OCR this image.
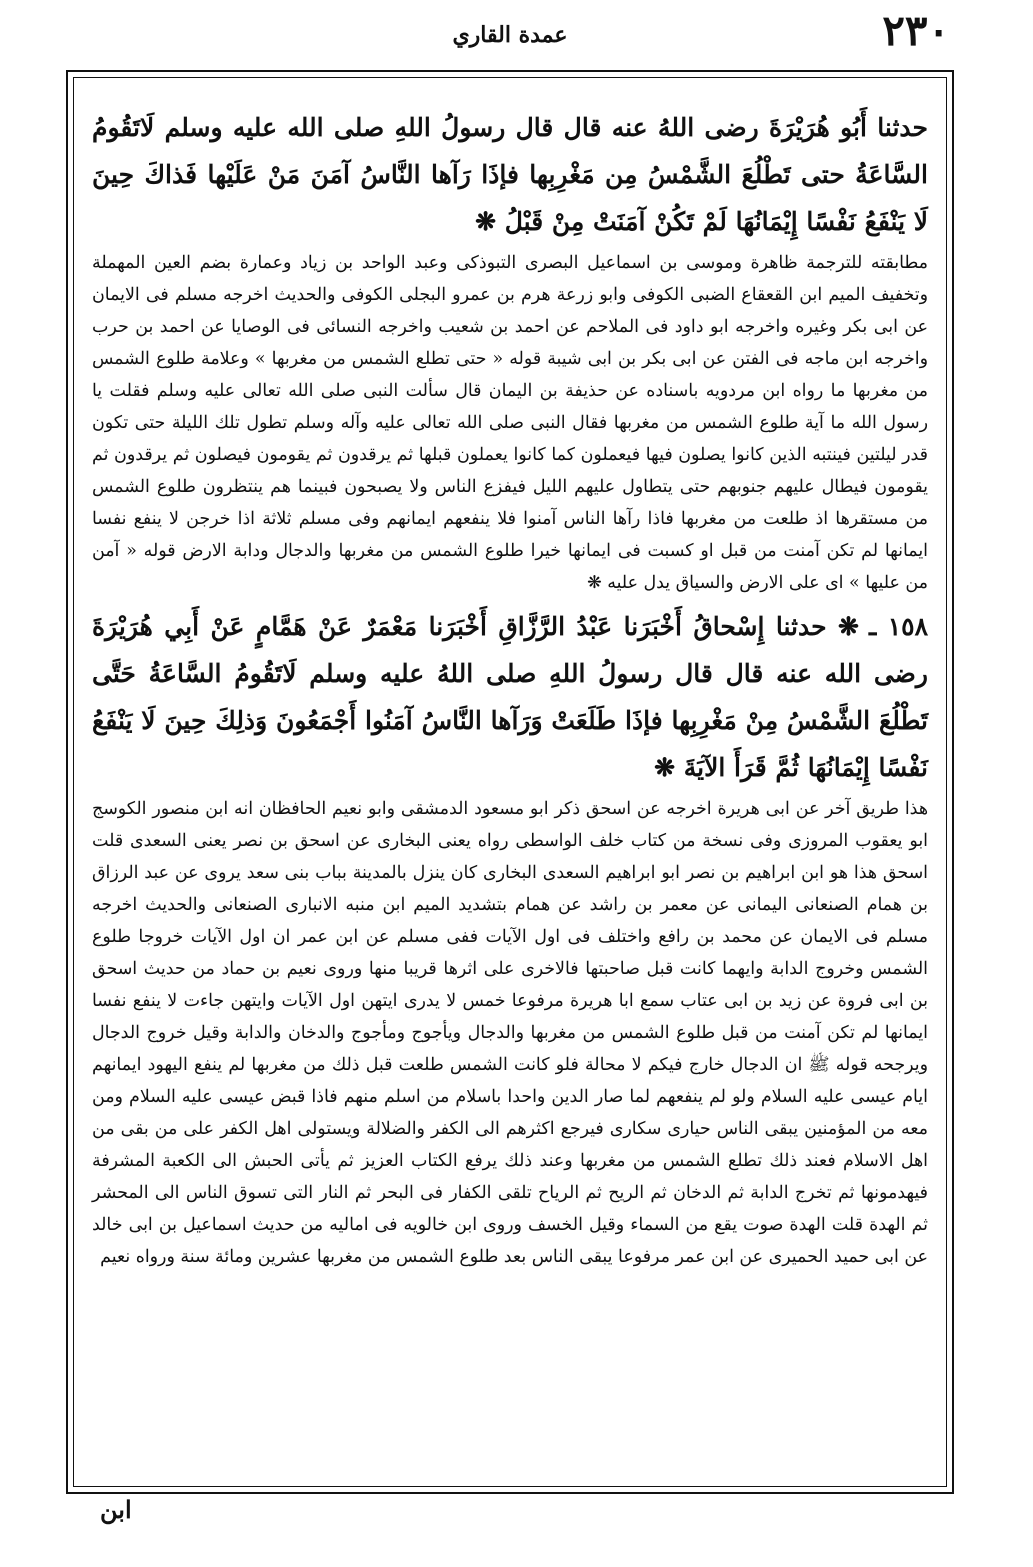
٢٣٠
عمدة القاري

حدثنا أَبُو هُرَيْرَةَ رضى اللهُ عنه قال قال رسولُ اللهِ صلى الله عليه وسلم لَاتَقُومُ السَّاعَةُ حتى تَطْلُعَ الشَّمْسُ مِن مَغْرِبِها فإذَا رَآها النَّاسُ آمَنَ مَنْ عَلَيْها فَذاكَ حِينَ لَا يَنْفَعُ نَفْسًا إِيْمَانُهَا لَمْ تَكُنْ آمَنَتْ مِنْ قَبْلُ ❋

مطابقته للترجمة ظاهرة وموسى بن اسماعيل البصرى التبوذكى وعبد الواحد بن زياد وعمارة بضم العين المهملة وتخفيف الميم ابن القعقاع الضبى الكوفى وابو زرعة هرم بن عمرو البجلى الكوفى والحديث اخرجه مسلم فى الايمان عن ابى بكر وغيره واخرجه ابو داود فى الملاحم عن احمد بن شعيب واخرجه النسائى فى الوصايا عن احمد بن حرب واخرجه ابن ماجه فى الفتن عن ابى بكر بن ابى شيبة قوله « حتى تطلع الشمس من مغربها » وعلامة طلوع الشمس من مغربها ما رواه ابن مردويه باسناده عن حذيفة بن اليمان قال سألت النبى صلى الله تعالى عليه وسلم فقلت يا رسول الله ما آية طلوع الشمس من مغربها فقال النبى صلى الله تعالى عليه وآله وسلم تطول تلك الليلة حتى تكون قدر ليلتين فينتبه الذين كانوا يصلون فيها فيعملون كما كانوا يعملون قبلها ثم يرقدون ثم يقومون فيصلون ثم يرقدون ثم يقومون فيطال عليهم جنوبهم حتى يتطاول عليهم الليل فيفزع الناس ولا يصبحون فبينما هم ينتظرون طلوع الشمس من مستقرها اذ طلعت من مغربها فاذا رآها الناس آمنوا فلا ينفعهم ايمانهم وفى مسلم ثلاثة اذا خرجن لا ينفع نفسا ايمانها لم تكن آمنت من قبل او كسبت فى ايمانها خيرا طلوع الشمس من مغربها والدجال ودابة الارض قوله « آمن من عليها » اى على الارض والسياق يدل عليه ❋

١٥٨ ـ❋ حدثنا إِسْحاقُ أَخْبَرَنا عَبْدُ الرَّزَّاقِ أَخْبَرَنا مَعْمَرٌ عَنْ هَمَّامٍ عَنْ أَبِي هُرَيْرَةَ رضى الله عنه قال قال رسولُ اللهِ صلى اللهُ عليه وسلم لَاتَقُومُ السَّاعَةُ حَتَّى تَطْلُعَ الشَّمْسُ مِنْ مَغْرِبِها فإذَا طَلَعَتْ وَرَآها النَّاسُ آمَنُوا أَجْمَعُونَ وَذلِكَ حِينَ لَا يَنْفَعُ نَفْسًا إِيْمَانُهَا ثُمَّ قَرَأَ الآيَةَ ❋

هذا طريق آخر عن ابى هريرة اخرجه عن اسحق ذكر ابو مسعود الدمشقى وابو نعيم الحافظان انه ابن منصور الكوسج ابو يعقوب المروزى وفى نسخة من كتاب خلف الواسطى رواه يعنى البخارى عن اسحق بن نصر يعنى السعدى قلت اسحق هذا هو ابن ابراهيم بن نصر ابو ابراهيم السعدى البخارى كان ينزل بالمدينة بباب بنى سعد يروى عن عبد الرزاق بن همام الصنعانى اليمانى عن معمر بن راشد عن همام بتشديد الميم ابن منبه الانبارى الصنعانى والحديث اخرجه مسلم فى الايمان عن محمد بن رافع واختلف فى اول الآيات ففى مسلم عن ابن عمر ان اول الآيات خروجا طلوع الشمس وخروج الدابة وايهما كانت قبل صاحبتها فالاخرى على اثرها قريبا منها وروى نعيم بن حماد من حديث اسحق بن ابى فروة عن زيد بن ابى عتاب سمع ابا هريرة مرفوعا خمس لا يدرى ايتهن اول الآيات وايتهن جاءت لا ينفع نفسا ايمانها لم تكن آمنت من قبل طلوع الشمس من مغربها والدجال ويأجوج ومأجوج والدخان والدابة وقيل خروج الدجال ويرجحه قوله ﷺ ان الدجال خارج فيكم لا محالة فلو كانت الشمس طلعت قبل ذلك من مغربها لم ينفع اليهود ايمانهم ايام عيسى عليه السلام ولو لم ينفعهم لما صار الدين واحدا باسلام من اسلم منهم فاذا قبض عيسى عليه السلام ومن معه من المؤمنين يبقى الناس حيارى سكارى فيرجع اكثرهم الى الكفر والضلالة ويستولى اهل الكفر على من بقى من اهل الاسلام فعند ذلك تطلع الشمس من مغربها وعند ذلك يرفع الكتاب العزيز ثم يأتى الحبش الى الكعبة المشرفة فيهدمونها ثم تخرج الدابة ثم الدخان ثم الريح ثم الرياح تلقى الكفار فى البحر ثم النار التى تسوق الناس الى المحشر ثم الهدة قلت الهدة صوت يقع من السماء وقيل الخسف وروى ابن خالويه فى اماليه من حديث اسماعيل بن ابى خالد عن ابى حميد الحميرى عن ابن عمر مرفوعا يبقى الناس بعد طلوع الشمس من مغربها عشرين ومائة سنة ورواه نعيم

ابن
